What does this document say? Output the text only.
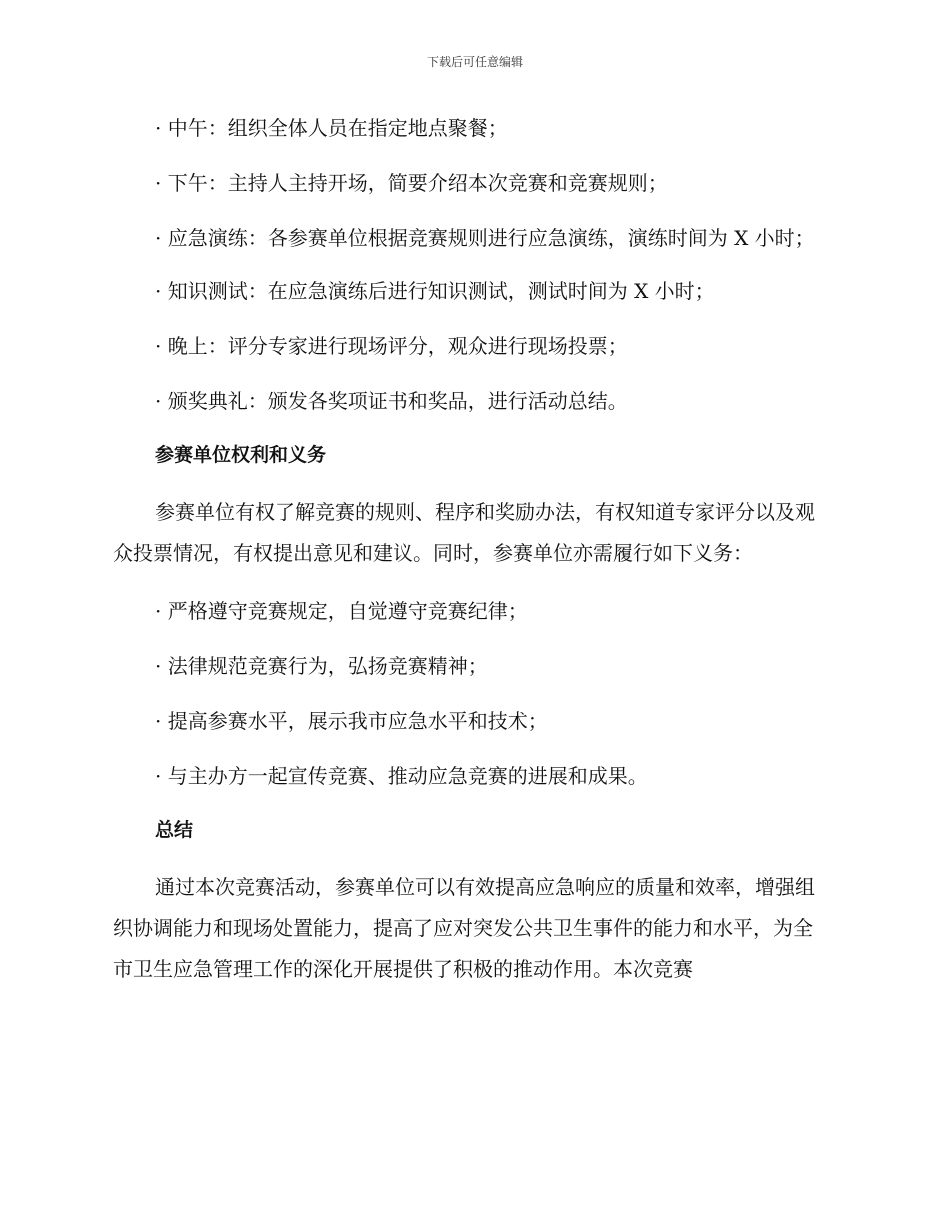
下载后可任意编辑
· 中午：组织全体人员在指定地点聚餐；
· 下午：主持人主持开场，简要介绍本次竞赛和竞赛规则；
· 应急演练：各参赛单位根据竞赛规则进行应急演练，演练时间为 X 小时；
· 知识测试：在应急演练后进行知识测试，测试时间为 X 小时；
· 晚上：评分专家进行现场评分，观众进行现场投票；
· 颁奖典礼：颁发各奖项证书和奖品，进行活动总结。
参赛单位权利和义务
参赛单位有权了解竞赛的规则、程序和奖励办法，有权知道专家评分以及观众投票情况，有权提出意见和建议。同时，参赛单位亦需履行如下义务：
· 严格遵守竞赛规定，自觉遵守竞赛纪律；
· 法律规范竞赛行为，弘扬竞赛精神；
· 提高参赛水平，展示我市应急水平和技术；
· 与主办方一起宣传竞赛、推动应急竞赛的进展和成果。
总结
通过本次竞赛活动，参赛单位可以有效提高应急响应的质量和效率，增强组织协调能力和现场处置能力，提高了应对突发公共卫生事件的能力和水平，为全市卫生应急管理工作的深化开展提供了积极的推动作用。本次竞赛
